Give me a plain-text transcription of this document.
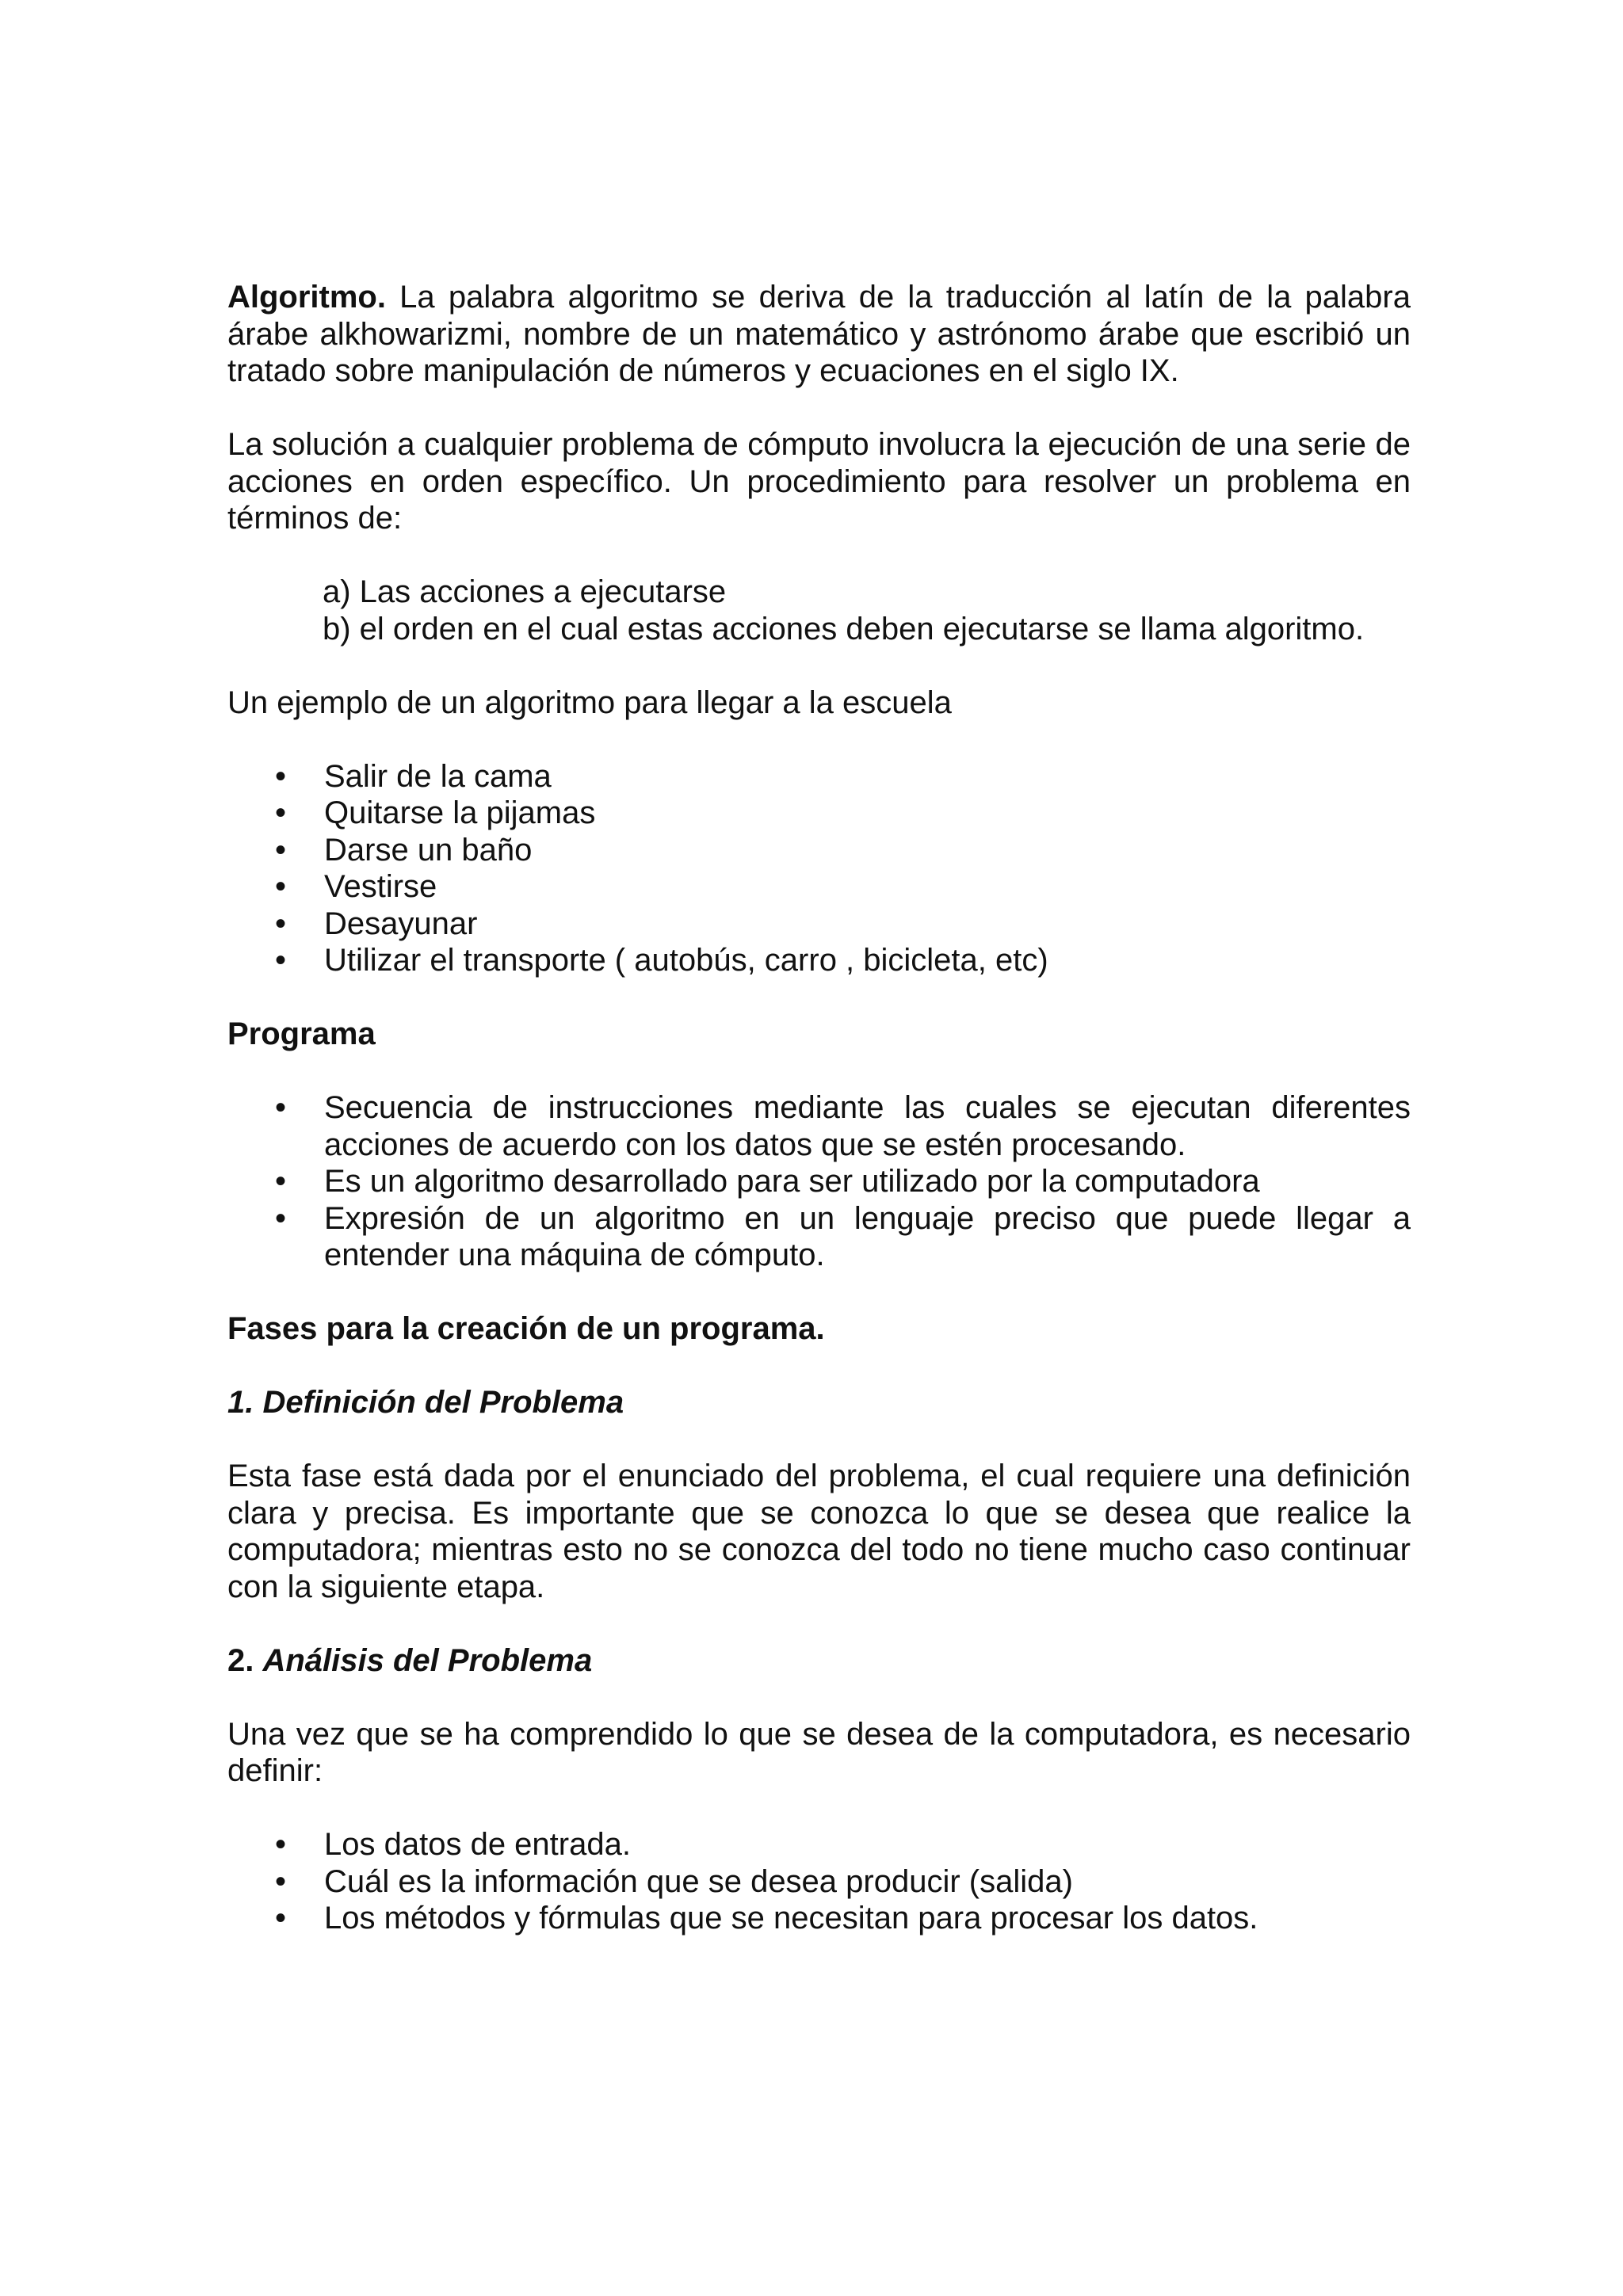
Algoritmo. La palabra algoritmo se deriva de la traducción al latín de la palabra árabe alkhowarizmi, nombre de un matemático y astrónomo árabe que escribió un tratado sobre manipulación de números y ecuaciones en el siglo IX.

La solución a cualquier problema de cómputo involucra la ejecución de una serie de acciones en orden específico. Un procedimiento para resolver un problema en términos de:

a) Las acciones a ejecutarse
b) el orden en el cual estas acciones deben ejecutarse se llama algoritmo.

Un ejemplo de un algoritmo para llegar a la escuela

• Salir de la cama
• Quitarse la pijamas
• Darse un baño
• Vestirse
• Desayunar
• Utilizar el transporte ( autobús, carro , bicicleta, etc)

Programa

• Secuencia de instrucciones mediante las cuales se ejecutan diferentes acciones de acuerdo con los datos que se estén procesando.
• Es un algoritmo desarrollado para ser utilizado por la computadora
• Expresión de un algoritmo en un lenguaje preciso que puede llegar a entender una máquina de cómputo.

Fases para la creación de un programa.

1. Definición del Problema

Esta fase está dada por el enunciado del problema, el cual requiere una definición clara y precisa. Es importante que se conozca lo que se desea que realice la computadora; mientras esto no se conozca del todo no tiene mucho caso continuar con la siguiente etapa.

2. Análisis del Problema

Una vez que se ha comprendido lo que se desea de la computadora, es necesario definir:

• Los datos de entrada.
• Cuál es la información que se desea producir (salida)
• Los métodos y fórmulas que se necesitan para procesar los datos.
